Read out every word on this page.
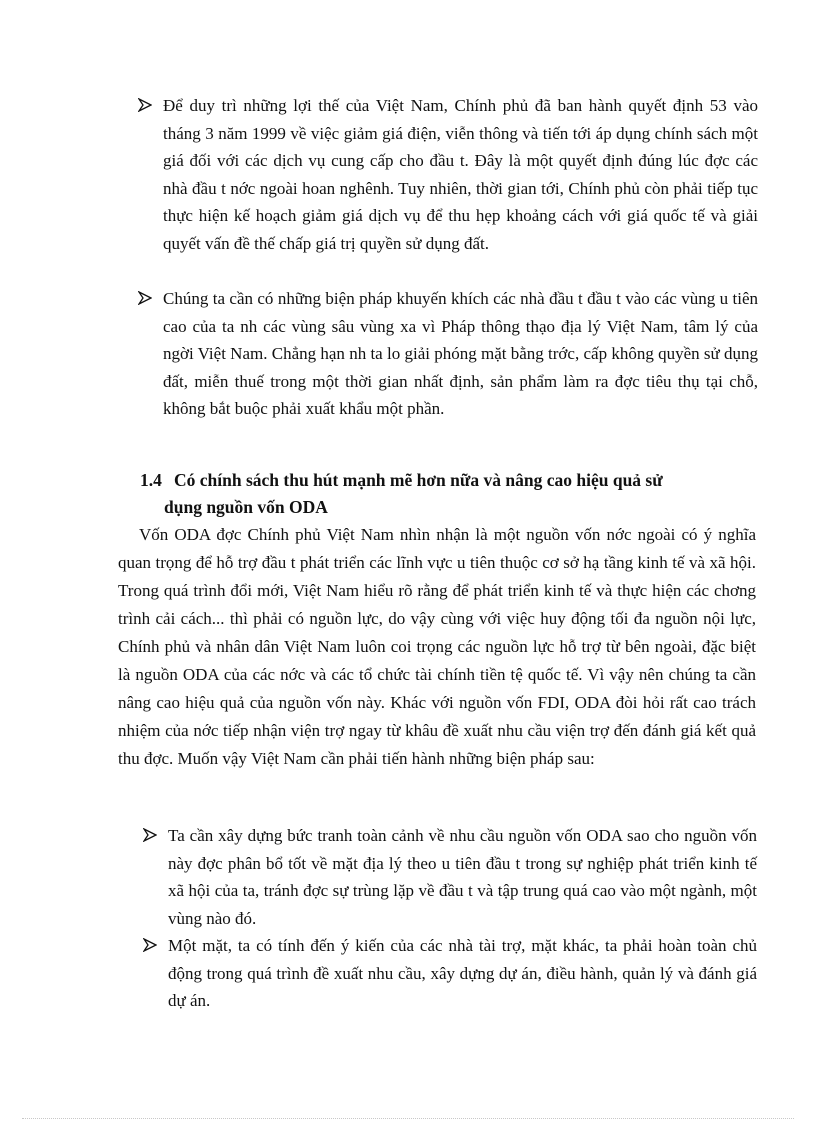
Để duy trì những lợi thế của Việt Nam, Chính phủ đã ban hành quyết định 53 vào tháng 3 năm 1999 về việc giảm giá điện, viễn thông và tiến tới áp dụng chính sách một giá đối với các dịch vụ cung cấp cho đầu t. Đây là một quyết định đúng lúc đợc các nhà đầu t nớc ngoài hoan nghênh. Tuy nhiên, thời gian tới, Chính phủ còn phải tiếp tục thực hiện kế hoạch giảm giá dịch vụ để thu hẹp khoảng cách với giá quốc tế và giải quyết vấn đề thế chấp giá trị quyền sử dụng đất.

Chúng ta cần có những biện pháp khuyến khích các nhà đầu t đầu t vào các vùng u tiên cao của ta nh các vùng sâu vùng xa vì Pháp thông thạo địa lý Việt Nam, tâm lý của ngời Việt Nam. Chẳng hạn nh ta lo giải phóng mặt bằng trớc, cấp không quyền sử dụng đất, miễn thuế trong một thời gian nhất định, sản phẩm làm ra đợc tiêu thụ tại chỗ, không bắt buộc phải xuất khẩu một phần.

1.4 Có chính sách thu hút mạnh mẽ hơn nữa và nâng cao hiệu quả sử
dụng nguồn vốn ODA

Vốn ODA đợc Chính phủ Việt Nam nhìn nhận là một nguồn vốn nớc ngoài có ý nghĩa quan trọng để hỗ trợ đầu t phát triển các lĩnh vực u tiên thuộc cơ sở hạ tầng kinh tế và xã hội. Trong quá trình đổi mới, Việt Nam hiểu rõ rằng để phát triển kinh tế và thực hiện các chơng trình cải cách... thì phải có nguồn lực, do vậy cùng với việc huy động tối đa nguồn nội lực, Chính phủ và nhân dân Việt Nam luôn coi trọng các nguồn lực hỗ trợ từ bên ngoài, đặc biệt là nguồn ODA của các nớc và các tổ chức tài chính tiền tệ quốc tế. Vì vậy nên chúng ta cần nâng cao hiệu quả của nguồn vốn này. Khác với nguồn vốn FDI, ODA đòi hỏi rất cao trách nhiệm của nớc tiếp nhận viện trợ ngay từ khâu đề xuất nhu cầu viện trợ đến đánh giá kết quả thu đợc. Muốn vậy Việt Nam cần phải tiến hành những biện pháp sau:

Ta cần xây dựng bức tranh toàn cảnh về nhu cầu nguồn vốn ODA sao cho nguồn vốn này đợc phân bổ tốt về mặt địa lý theo u tiên đầu t trong sự nghiệp phát triển kinh tế xã hội của ta, tránh đợc sự trùng lặp về đầu t và tập trung quá cao vào một ngành, một vùng nào đó.

Một mặt, ta có tính đến ý kiến của các nhà tài trợ, mặt khác, ta phải hoàn toàn chủ động trong quá trình đề xuất nhu cầu, xây dựng dự án, điều hành, quản lý và đánh giá dự án.
